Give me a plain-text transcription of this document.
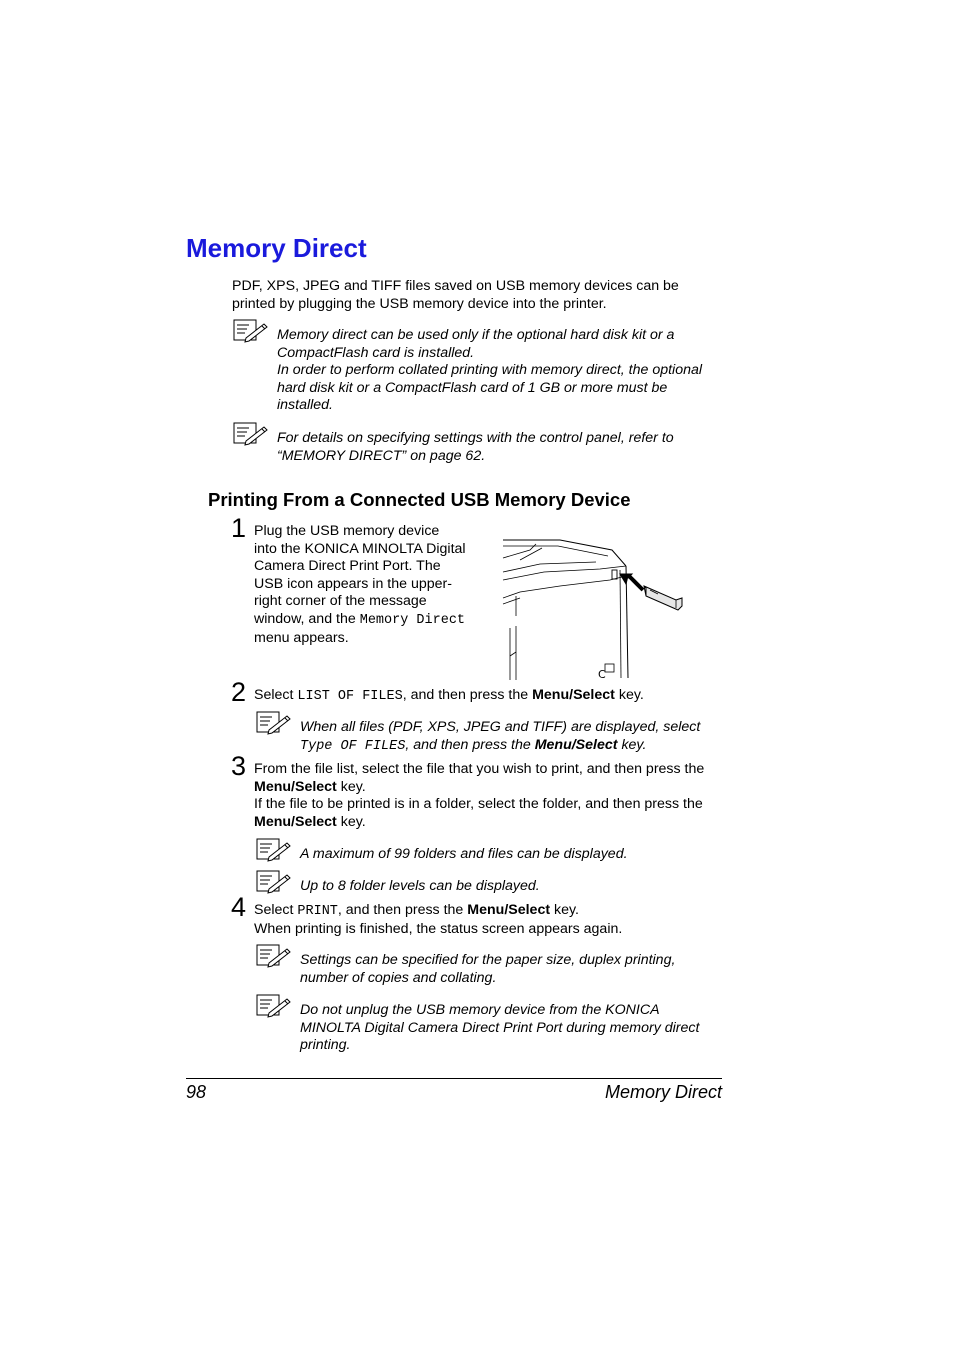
Memory Direct
PDF, XPS, JPEG and TIFF files saved on USB memory devices can be printed by plugging the USB memory device into the printer.
Memory direct can be used only if the optional hard disk kit or a CompactFlash card is installed.
In order to perform collated printing with memory direct, the optional hard disk kit or a CompactFlash card of 1 GB or more must be installed.
For details on specifying settings with the control panel, refer to “MEMORY DIRECT” on page 62.
Printing From a Connected USB Memory Device
1 Plug the USB memory device into the KONICA MINOLTA Digital Camera Direct Print Port. The USB icon appears in the upper-right corner of the message window, and the Memory Direct menu appears.
C
2 Select LIST OF FILES, and then press the Menu/Select key.
When all files (PDF, XPS, JPEG and TIFF) are displayed, select Type OF FILES, and then press the Menu/Select key.
3 From the file list, select the file that you wish to print, and then press the Menu/Select key.
If the file to be printed is in a folder, select the folder, and then press the Menu/Select key.
A maximum of 99 folders and files can be displayed.
Up to 8 folder levels can be displayed.
4 Select PRINT, and then press the Menu/Select key.
When printing is finished, the status screen appears again.
Settings can be specified for the paper size, duplex printing, number of copies and collating.
Do not unplug the USB memory device from the KONICA MINOLTA Digital Camera Direct Print Port during memory direct printing.
98	Memory Direct
